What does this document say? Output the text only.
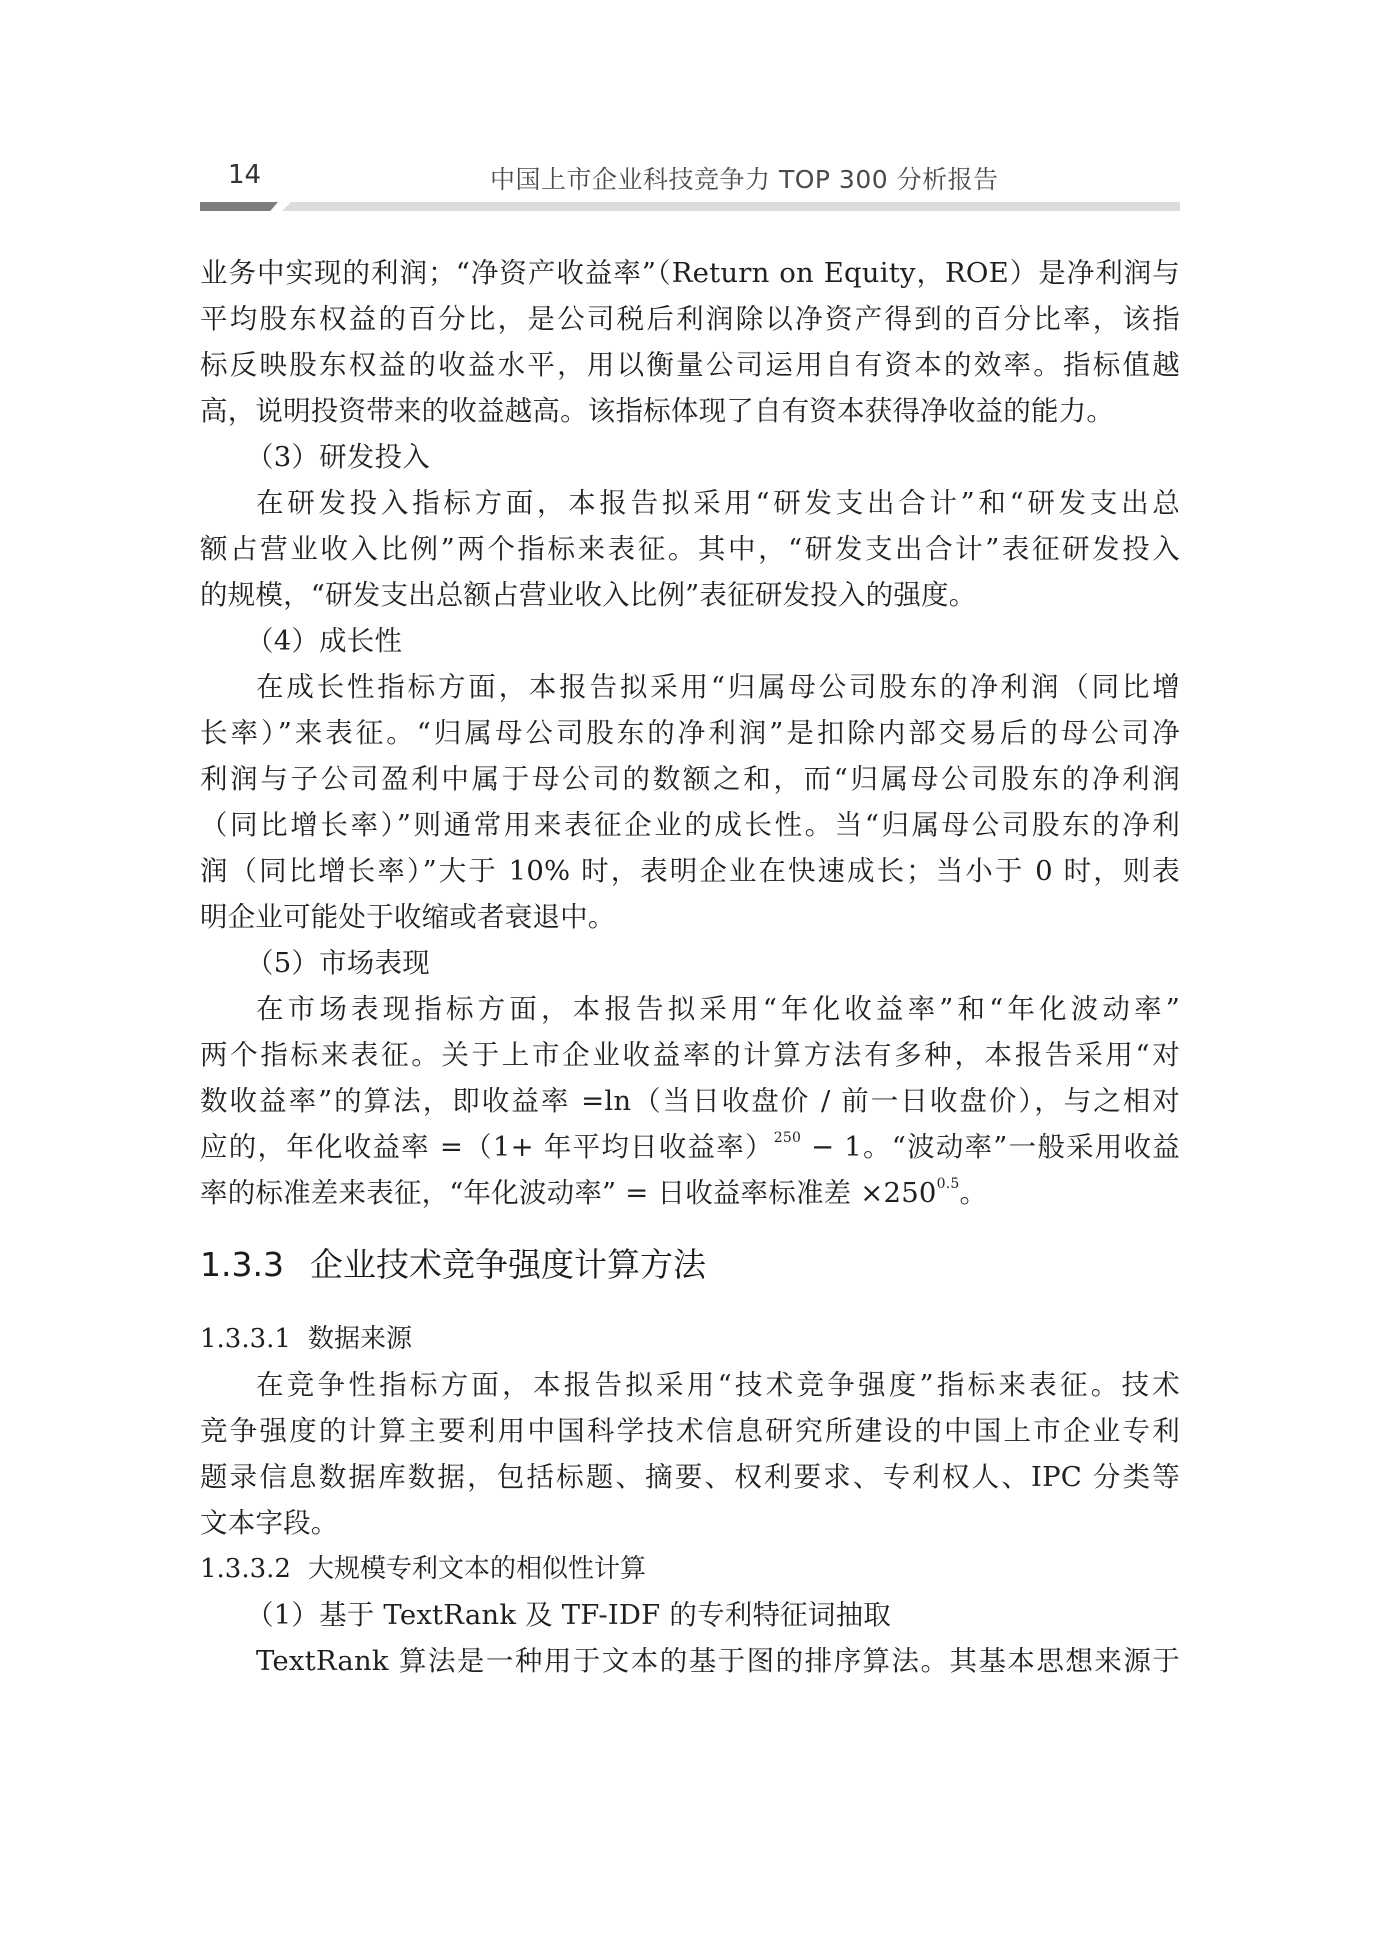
14	中国上市企业科技竞争力 TOP 300 分析报告
业务中实现的利润；“净资产收益率”（Return on Equity，ROE）是净利润与
平均股东权益的百分比，是公司税后利润除以净资产得到的百分比率，该指
标反映股东权益的收益水平，用以衡量公司运用自有资本的效率。指标值越
高，说明投资带来的收益越高。该指标体现了自有资本获得净收益的能力。
（3）研发投入
在研发投入指标方面，本报告拟采用“研发支出合计”和“研发支出总
额占营业收入比例”两个指标来表征。其中，“研发支出合计”表征研发投入
的规模，“研发支出总额占营业收入比例”表征研发投入的强度。
（4）成长性
在成长性指标方面，本报告拟采用“归属母公司股东的净利润（同比增
长率）”来表征。“归属母公司股东的净利润”是扣除内部交易后的母公司净
利润与子公司盈利中属于母公司的数额之和，而“归属母公司股东的净利润
（同比增长率）”则通常用来表征企业的成长性。当“归属母公司股东的净利
润（同比增长率）”大于 10% 时，表明企业在快速成长；当小于 0 时，则表
明企业可能处于收缩或者衰退中。
（5）市场表现
在市场表现指标方面，本报告拟采用“年化收益率”和“年化波动率”
两个指标来表征。关于上市企业收益率的计算方法有多种，本报告采用“对
数收益率”的算法，即收益率 =ln（当日收盘价 / 前一日收盘价），与之相对
应的，年化收益率 =（1+ 年平均日收益率）$^{250}$ − 1。“波动率”一般采用收益
率的标准差来表征，“年化波动率” = 日收益率标准差 $\times 250^{0.5}$。
1.3.3 企业技术竞争强度计算方法
1.3.3.1 数据来源
在竞争性指标方面，本报告拟采用“技术竞争强度”指标来表征。技术
竞争强度的计算主要利用中国科学技术信息研究所建设的中国上市企业专利
题录信息数据库数据，包括标题、摘要、权利要求、专利权人、IPC 分类等
文本字段。
1.3.3.2 大规模专利文本的相似性计算
（1）基于 TextRank 及 TF-IDF 的专利特征词抽取
TextRank 算法是一种用于文本的基于图的排序算法。其基本思想来源于
